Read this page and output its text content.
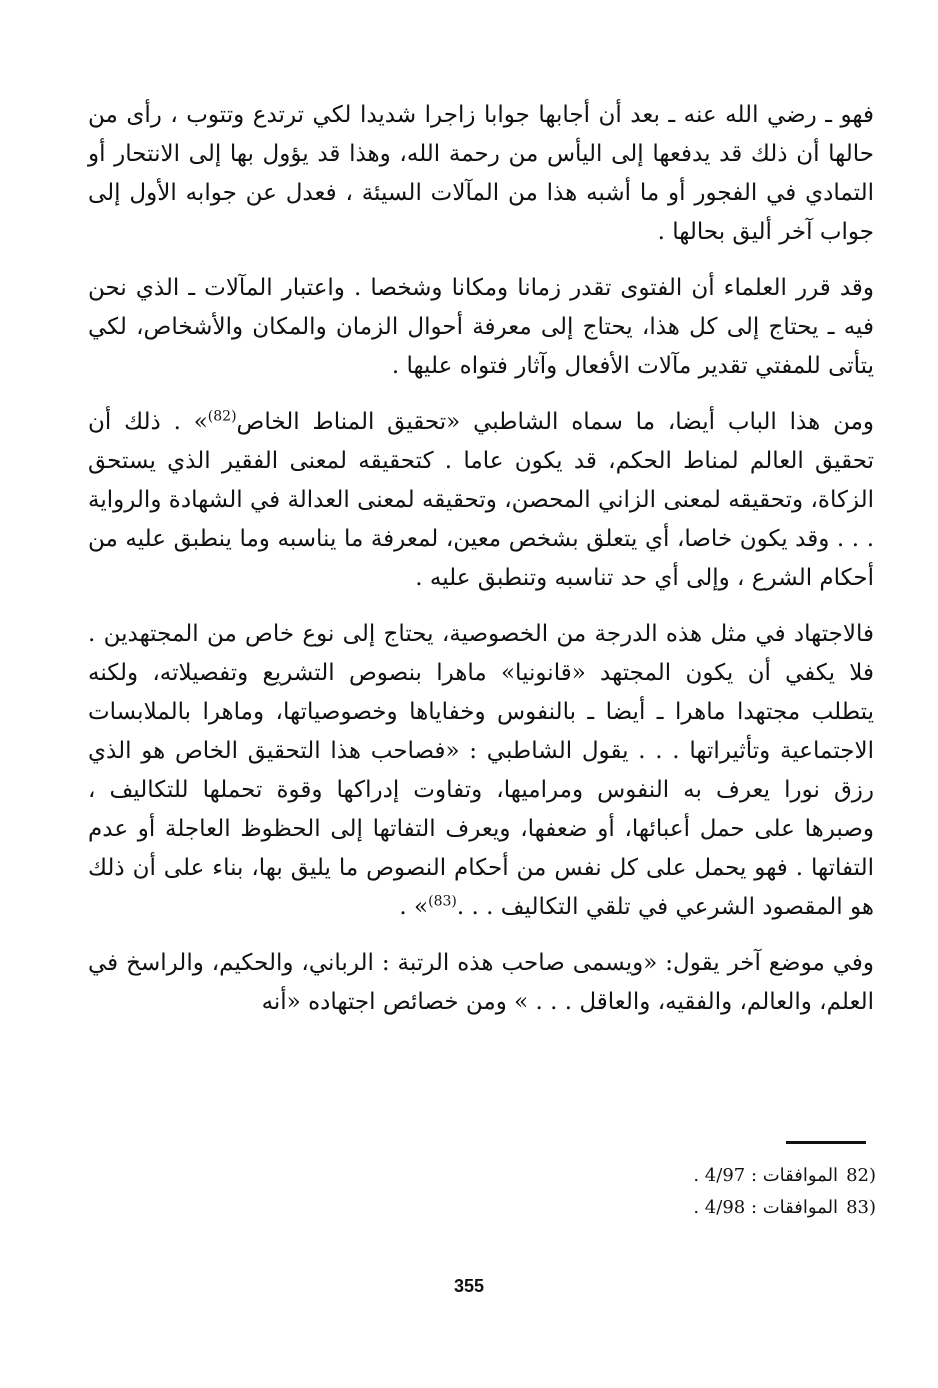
فهو ـ رضي الله عنه ـ بعد أن أجابها جوابا زاجرا شديدا لكي ترتدع وتتوب ، رأى من حالها أن ذلك قد يدفعها إلى اليأس من رحمة الله، وهذا قد يؤول بها إلى الانتحار أو التمادي في الفجور أو ما أشبه هذا من المآلات السيئة ، فعدل عن جوابه الأول إلى جواب آخر أليق بحالها .

وقد قرر العلماء أن الفتوى تقدر زمانا ومكانا وشخصا . واعتبار المآلات ـ الذي نحن فيه ـ يحتاج إلى كل هذا، يحتاج إلى معرفة أحوال الزمان والمكان والأشخاص، لكي يتأتى للمفتي تقدير مآلات الأفعال وآثار فتواه عليها .

ومن هذا الباب أيضا، ما سماه الشاطبي «تحقيق المناط الخاص$^{(82)}$» . ذلك أن تحقيق العالم لمناط الحكم، قد يكون عاما . كتحقيقه لمعنى الفقير الذي يستحق الزكاة، وتحقيقه لمعنى الزاني المحصن، وتحقيقه لمعنى العدالة في الشهادة والرواية . . . وقد يكون خاصا، أي يتعلق بشخص معين، لمعرفة ما يناسبه وما ينطبق عليه من أحكام الشرع ، وإلى أي حد تناسبه وتنطبق عليه .

فالاجتهاد في مثل هذه الدرجة من الخصوصية، يحتاج إلى نوع خاص من المجتهدين . فلا يكفي أن يكون المجتهد «قانونيا» ماهرا بنصوص التشريع وتفصيلاته، ولكنه يتطلب مجتهدا ماهرا ـ أيضا ـ بالنفوس وخفاياها وخصوصياتها، وماهرا بالملابسات الاجتماعية وتأثيراتها . . . يقول الشاطبي : «فصاحب هذا التحقيق الخاص هو الذي رزق نورا يعرف به النفوس ومراميها، وتفاوت إدراكها وقوة تحملها للتكاليف ، وصبرها على حمل أعبائها، أو ضعفها، ويعرف التفاتها إلى الحظوظ العاجلة أو عدم التفاتها . فهو يحمل على كل نفس من أحكام النصوص ما يليق بها، بناء على أن ذلك هو المقصود الشرعي في تلقي التكاليف . . .$^{(83)}$» .

وفي موضع آخر يقول: «ويسمى صاحب هذه الرتبة : الرباني، والحكيم، والراسخ في العلم، والعالم، والفقيه، والعاقل . . . » ومن خصائص اجتهاده «أنه

82)
الموافقات : 4/97 .
83)
الموافقات : 4/98 .
355
